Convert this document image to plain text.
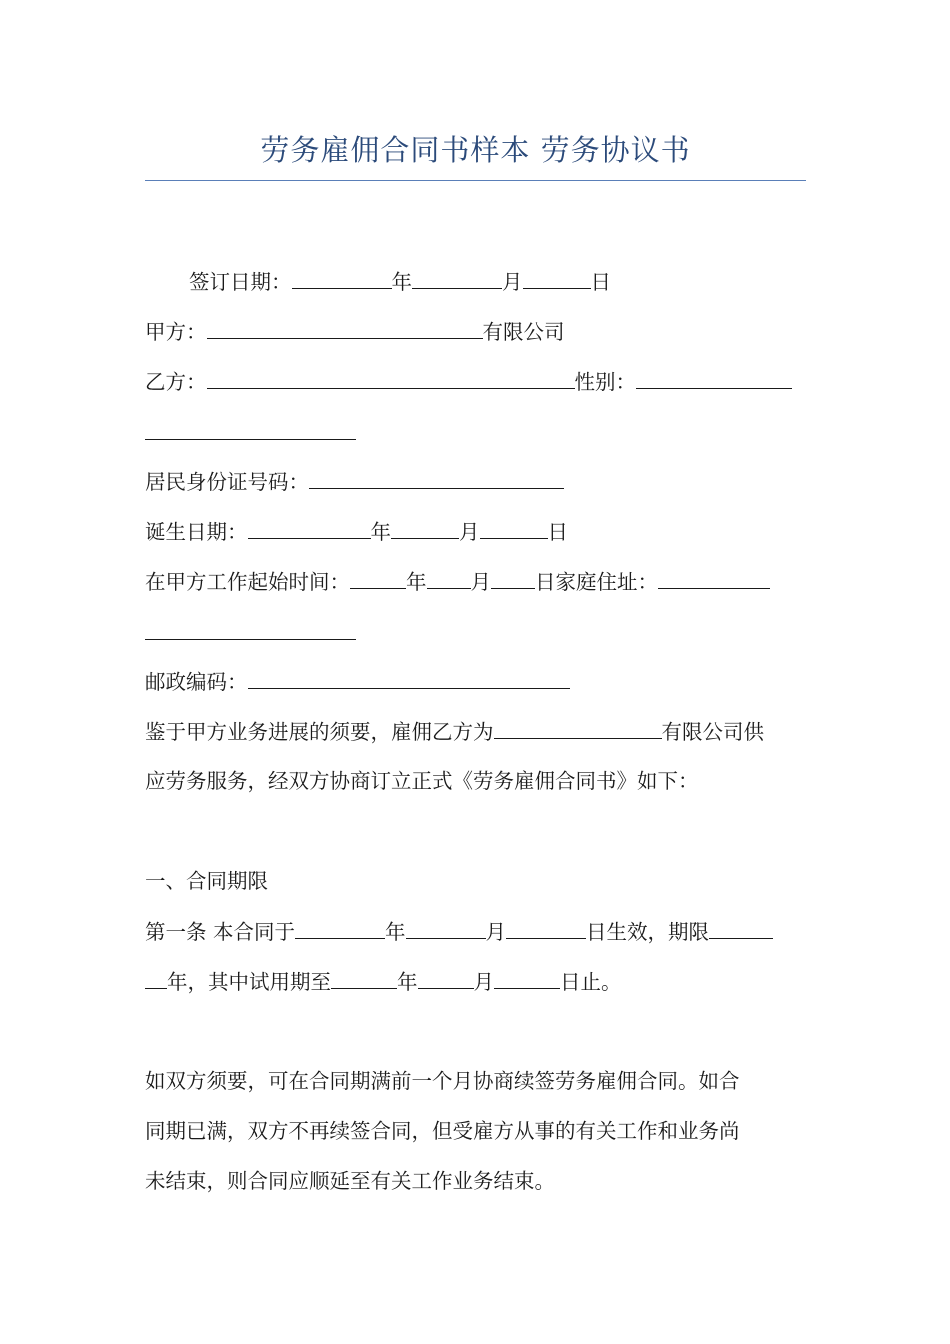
劳务雇佣合同书样本 劳务协议书
签订日期：	年	月	日
甲方：	有限公司
乙方：	性别：
居民身份证号码：
诞生日期：	年	月	日
在甲方工作起始时间：	年 月 日 家庭住址：
邮政编码：
鉴于甲方业务进展的须要，雇佣乙方为	有限公司供
应劳务服务，经双方协商订立正式《劳务雇佣合同书》如下：
一、合同期限
第一条 本合同于	年	月	日生效，期限
年，其中试用期至	年	月	日止。
如双方须要，可在合同期满前一个月协商续签劳务雇佣合同。如合
同期已满，双方不再续签合同，但受雇方从事的有关工作和业务尚
未结束，则合同应顺延至有关工作业务结束。
